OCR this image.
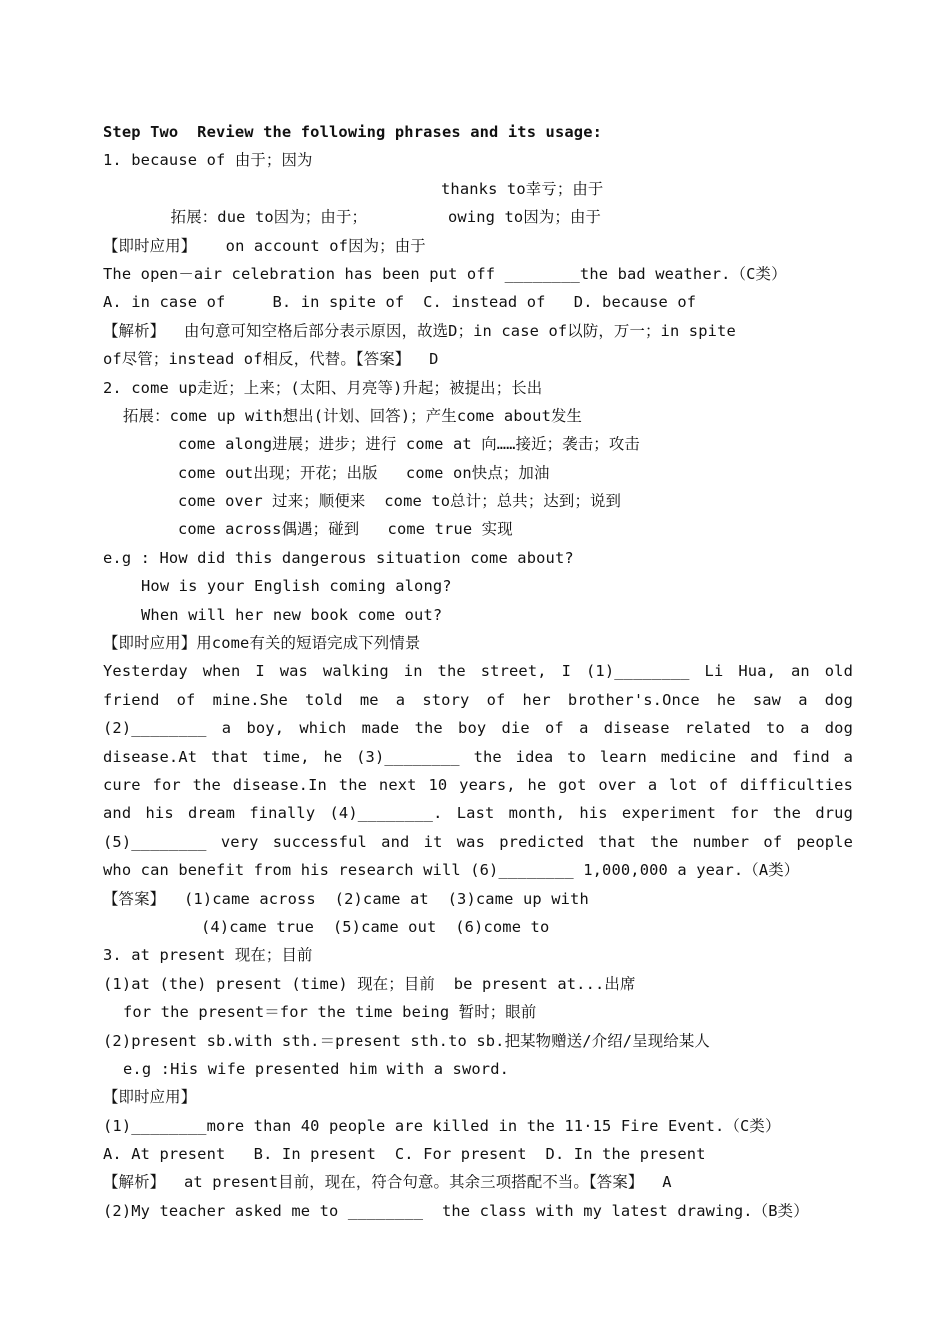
Step Two  Review the following phrases and its usage:
1. because of 由于；因为

拓展：due to因为；由于；

thanks to幸亏；由于

on account of因为；由于

owing to因为；由于

【即时应用】
The open－air celebration has been put off ________the bad weather.（C类）
A. in case of     B. in spite of  C. instead of   D. because of
【解析】  由句意可知空格后部分表示原因，故选D；in case of以防，万一；in spite
of尽管；instead of相反，代替。【答案】  D
2. come up走近；上来；(太阳、月亮等)升起；被提出；长出
拓展：come up with想出(计划、回答)；产生come about发生
come along进展；进步；进行 come at 向……接近；袭击；攻击
come out出现；开花；出版   come on快点；加油
come over 过来；顺便来  come to总计；总共；达到；说到
come across偶遇；碰到   come true 实现
e.g : How did this dangerous situation come about?
How is your English coming along?
When will her new book come out?
【即时应用】用come有关的短语完成下列情景
Yesterday when I was walking in the street, I (1)________ Li Hua, an old
friend of mine.She told me a story of her brother's.Once he saw a dog
(2)________ a boy, which made the boy die of a disease related to a dog
disease.At that time, he (3)________ the idea to learn medicine and find a
cure for the disease.In the next 10 years, he got over a lot of difficulties
and his dream finally (4)________. Last month, his experiment for the drug
(5)________ very successful and it was predicted that the number of people
who can benefit from his research will (6)________ 1,000,000 a year.（A类）
【答案】  (1)came across  (2)came at  (3)came up with
(4)came true  (5)came out  (6)come to
3. at present 现在；目前
(1)at (the) present (time) 现在；目前  be present at...出席
for the present＝for the time being 暂时；眼前
(2)present sb.with sth.＝present sth.to sb.把某物赠送/介绍/呈现给某人
e.g :His wife presented him with a sword.
【即时应用】
(1)________more than 40 people are killed in the 11·15 Fire Event.（C类）
A. At present   B. In present  C. For present  D. In the present
【解析】  at present目前，现在，符合句意。其余三项搭配不当。【答案】  A
(2)My teacher asked me to ________  the class with my latest drawing.（B类）
